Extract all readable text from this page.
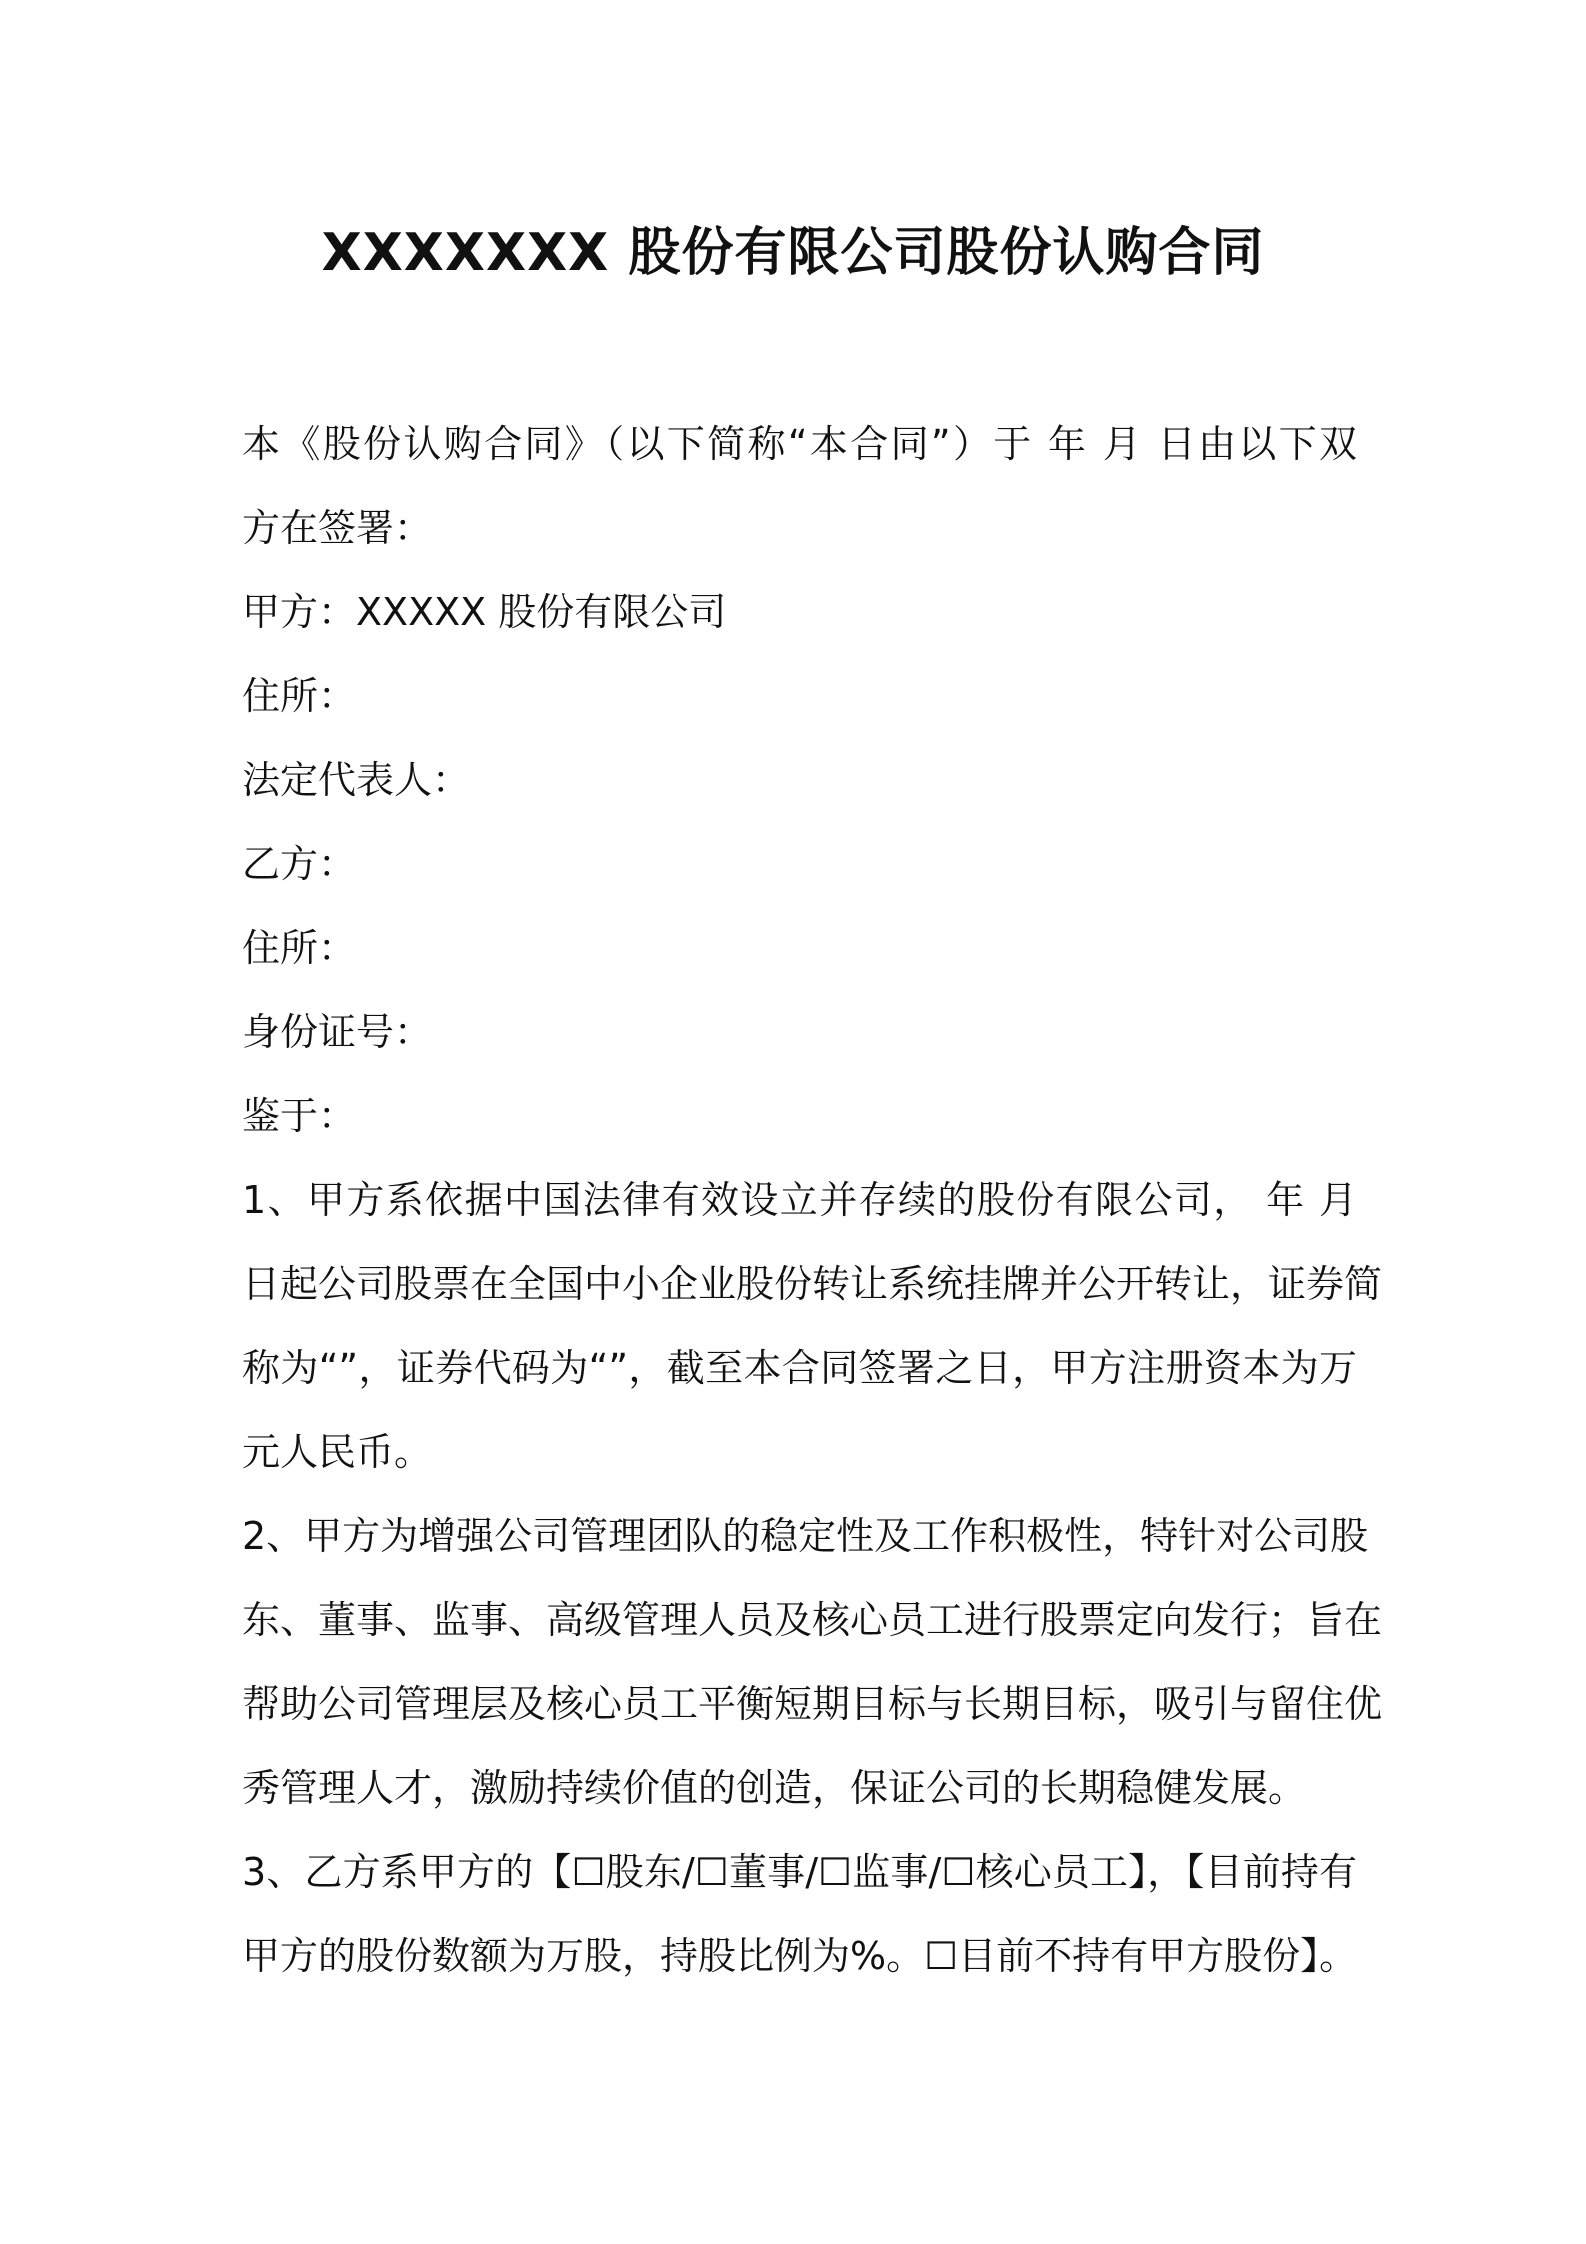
XXXXXXX 股份有限公司股份认购合同
本《股份认购合同》（以下简称“本合同”）于 年 月 日由以下双
方在签署：
甲方：XXXXX 股份有限公司
住所：
法定代表人：
乙方：
住所：
身份证号：
鉴于：
1、甲方系依据中国法律有效设立并存续的股份有限公司， 年 月
日起公司股票在全国中小企业股份转让系统挂牌并公开转让，证券简
称为“”，证券代码为“”，截至本合同签署之日，甲方注册资本为万
元人民币。
2、甲方为增强公司管理团队的稳定性及工作积极性，特针对公司股
东、董事、监事、高级管理人员及核心员工进行股票定向发行；旨在
帮助公司管理层及核心员工平衡短期目标与长期目标，吸引与留住优
秀管理人才，激励持续价值的创造，保证公司的长期稳健发展。
3、乙方系甲方的【☐股东/☐董事/☐监事/☐核心员工】，【目前持有
甲方的股份数额为万股，持股比例为%。☐目前不持有甲方股份】。
